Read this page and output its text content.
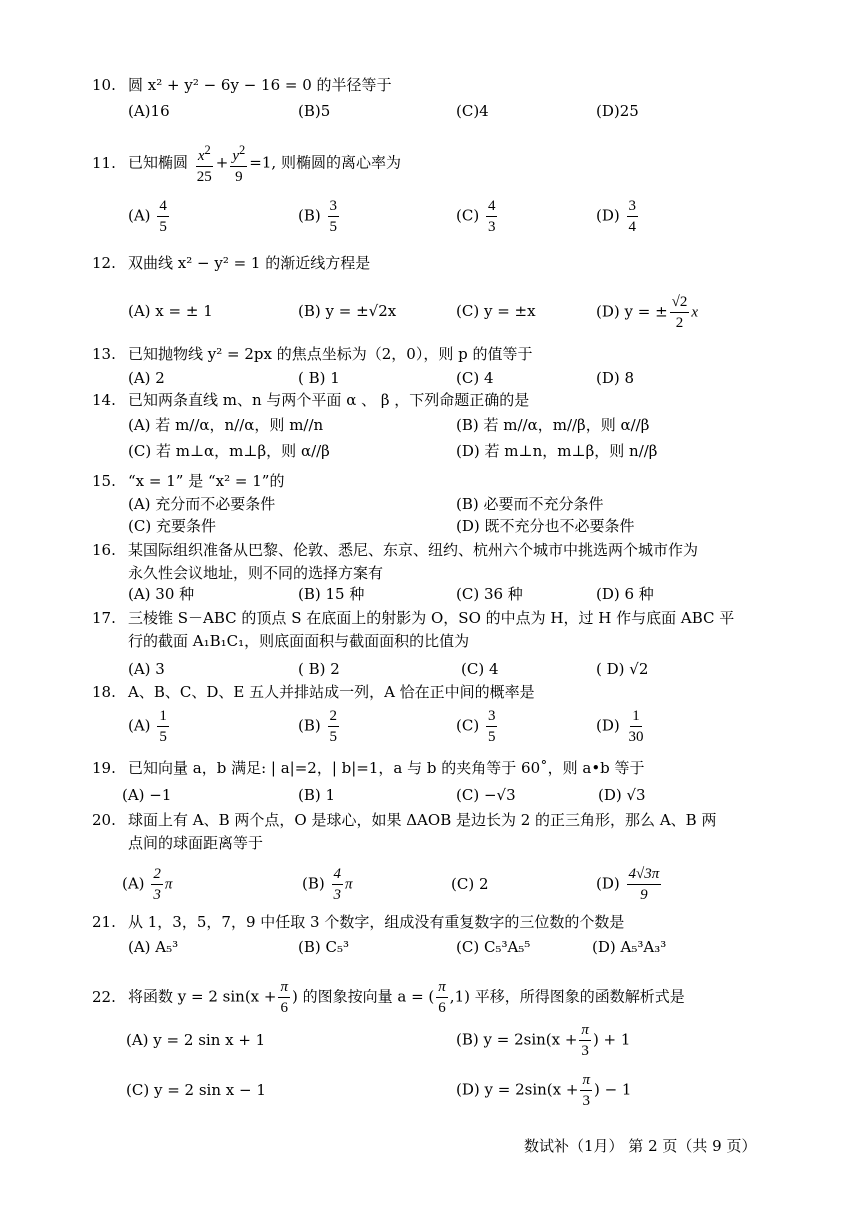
10. 圆 x² + y² − 6y − 16 = 0 的半径等于
(A)16	(B)5	(C)4	(D)25
11. 已知椭圆 $\frac{x^2}{25} + \frac{y^2}{9} =1$, 则椭圆的离心率为
$(A) \frac{4}{5}$	$(B) \frac{3}{5}$	$(C) \frac{4}{3}$	$(D) \frac{3}{4}$
12. 双曲线 x² − y² = 1 的渐近线方程是
(A) x = ± 1	(B) y = ±√2x	(C) y = ±x	(D) y = ± $\frac{√2}{2}$ x
13. 已知抛物线 y² = 2px 的焦点坐标为（2，0），则 p 的值等于
(A) 2	( B) 1	(C) 4	(D) 8
14. 已知两条直线 m、n 与两个平面 α 、 β ，下列命题正确的是
(A) 若 m//α，n//α，则 m//n	(B) 若 m//α，m//β，则 α//β
(C) 若 m⊥α，m⊥β，则 α//β	(D) 若 m⊥n，m⊥β，则 n//β
15. “x = 1” 是 “x² = 1”的
(A) 充分而不必要条件	(B) 必要而不充分条件
(C) 充要条件	(D) 既不充分也不必要条件
16. 某国际组织准备从巴黎、伦敦、悉尼、东京、纽约、杭州六个城市中挑选两个城市作为
永久性会议地址，则不同的选择方案有
(A) 30 种	(B) 15 种	(C) 36 种	(D) 6 种
17. 三棱锥 S－ABC 的顶点 S 在底面上的射影为 O，SO 的中点为 H，过 H 作与底面 ABC 平
行的截面 A₁B₁C₁，则底面面积与截面面积的比值为
(A) 3	( B) 2	(C) 4	( D) √2
18. A、B、C、D、E 五人并排站成一列，A 恰在正中间的概率是
$(A) \frac{1}{5}$	$(B) \frac{2}{5}$	$(C) \frac{3}{5}$	$(D) \frac{1}{30}$
19. 已知向量 a，b 满足: | a|=2，| b|=1，a 与 b 的夹角等于 60˚，则 a•b 等于
(A) −1	(B) 1	(C) −√3	(D) √3
20. 球面上有 A、B 两个点，O 是球心，如果 ΔAOB 是边长为 2 的正三角形，那么 A、B 两
点间的球面距离等于
$(A) \frac{2}{3}$ π	$(B) \frac{4}{3}$ π	(C) 2	$(D) \frac{4√3\pi}{9}$
21. 从 1，3，5，7，9 中任取 3 个数字，组成没有重复数字的三位数的个数是
(A) A₅³	(B) C₅³	(C) C₅³A₅⁵	(D) A₅³A₃³
22. 将函数 y = 2 $\sin(x + \frac{\pi}{6}$ ) 的图象按向量 a = ( $\frac{\pi}{6} ,1$) 平移，所得图象的函数解析式是
(A) y = 2 sin x + 1	(B) $y = 2\sin(x + \frac{\pi}{3}$ ) + 1
(C) y = 2 sin x − 1	(D) $y = 2\sin(x + \frac{\pi}{3}$ ) − 1
数试补（1月） 第 2 页（共 9 页）
